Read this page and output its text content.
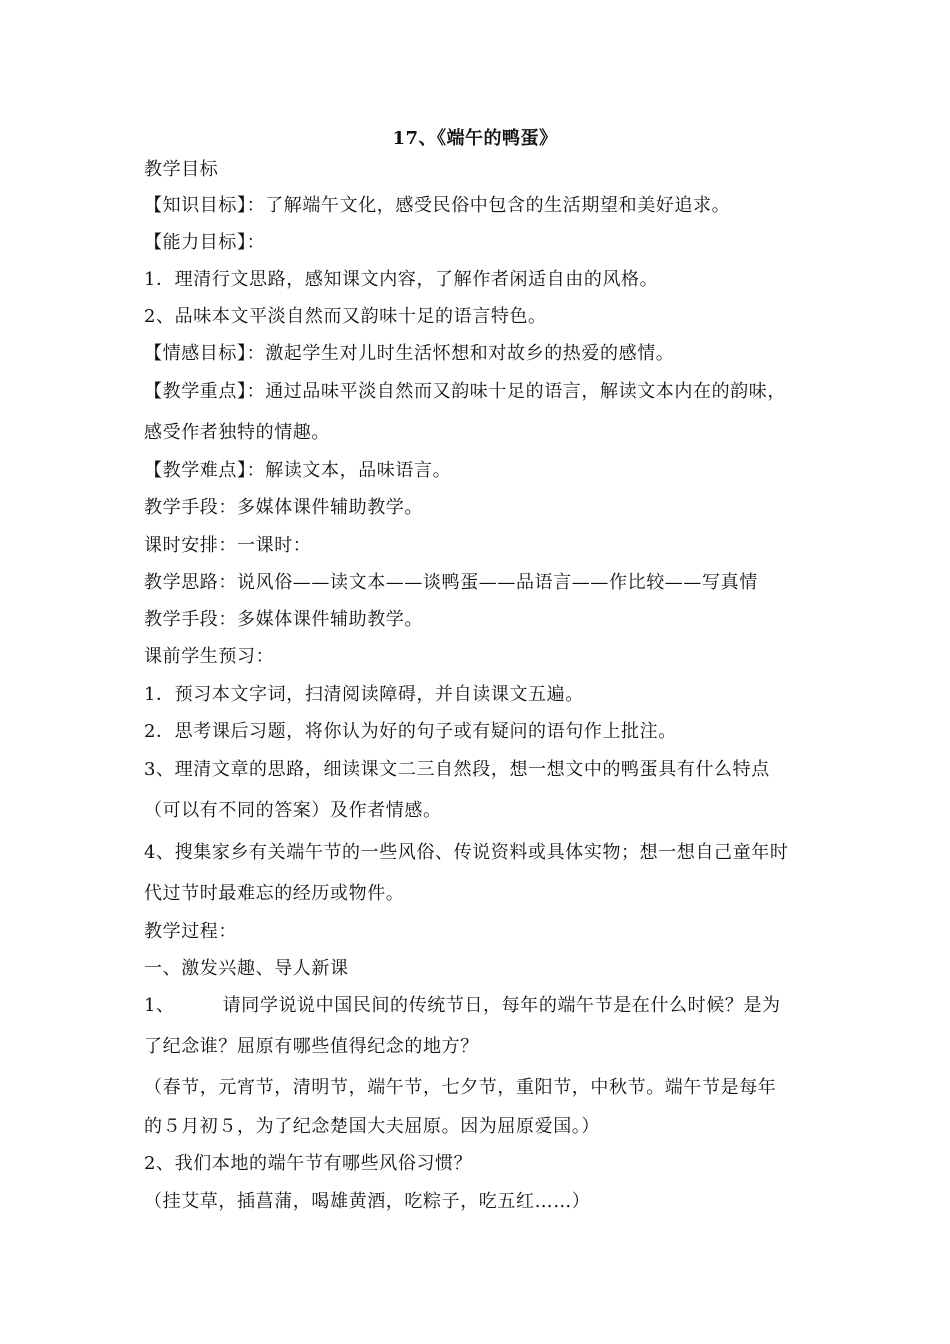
17、《端午的鸭蛋》
教学目标
【知识目标】：了解端午文化，感受民俗中包含的生活期望和美好追求。
【能力目标】：
1．理清行文思路，感知课文内容，了解作者闲适自由的风格。
2、品味本文平淡自然而又韵味十足的语言特色。
【情感目标】：激起学生对儿时生活怀想和对故乡的热爱的感情。
【教学重点】：通过品味平淡自然而又韵味十足的语言，解读文本内在的韵味，
感受作者独特的情趣。
【教学难点】：解读文本，品味语言。
教学手段：多媒体课件辅助教学。
课时安排：一课时：
教学思路：说风俗——读文本——谈鸭蛋——品语言——作比较——写真情
教学手段：多媒体课件辅助教学。
课前学生预习：
1．预习本文字词，扫清阅读障碍，并自读课文五遍。
2．思考课后习题，将你认为好的句子或有疑问的语句作上批注。
3、理清文章的思路，细读课文二三自然段，想一想文中的鸭蛋具有什么特点
（可以有不同的答案）及作者情感。
4、搜集家乡有关端午节的一些风俗、传说资料或具体实物；想一想自己童年时
代过节时最难忘的经历或物件。
教学过程：
一、激发兴趣、导人新课
1、	请同学说说中国民间的传统节日，每年的端午节是在什么时候？是为
了纪念谁？屈原有哪些值得纪念的地方？
（春节，元宵节，清明节，端午节，七夕节，重阳节，中秋节。端午节是每年
的５月初５，为了纪念楚国大夫屈原。因为屈原爱国。）
2、我们本地的端午节有哪些风俗习惯？
（挂艾草，插菖蒲，喝雄黄酒，吃粽子，吃五红……）
